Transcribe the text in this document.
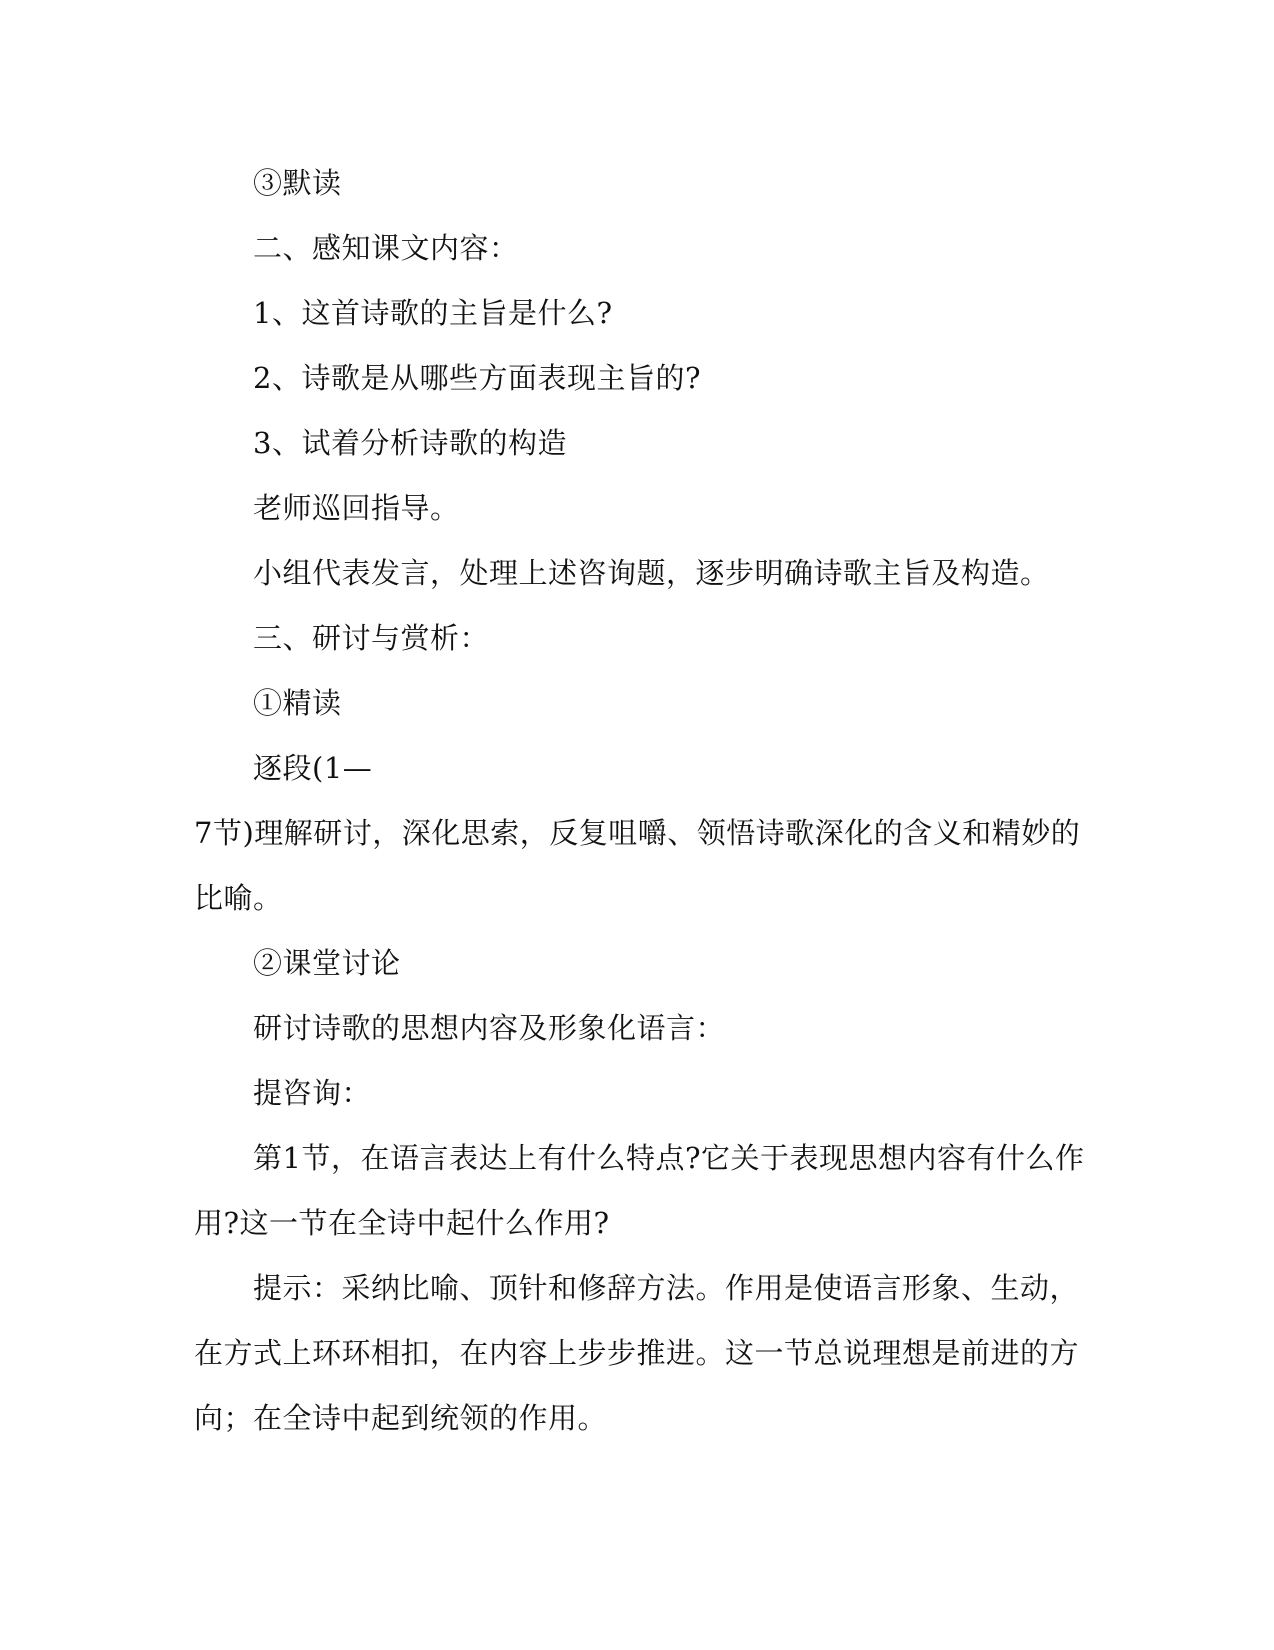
③默读
二、感知课文内容：
1、这首诗歌的主旨是什么?
2、诗歌是从哪些方面表现主旨的?
3、试着分析诗歌的构造
老师巡回指导。
小组代表发言，处理上述咨询题，逐步明确诗歌主旨及构造。
三、研讨与赏析：
①精读
逐段(1—
7节)理解研讨，深化思索，反复咀嚼、领悟诗歌深化的含义和精妙的
比喻。
②课堂讨论
研讨诗歌的思想内容及形象化语言：
提咨询：
第1节，在语言表达上有什么特点?它关于表现思想内容有什么作
用?这一节在全诗中起什么作用?
提示：采纳比喻、顶针和修辞方法。作用是使语言形象、生动，
在方式上环环相扣，在内容上步步推进。这一节总说理想是前进的方
向；在全诗中起到统领的作用。
